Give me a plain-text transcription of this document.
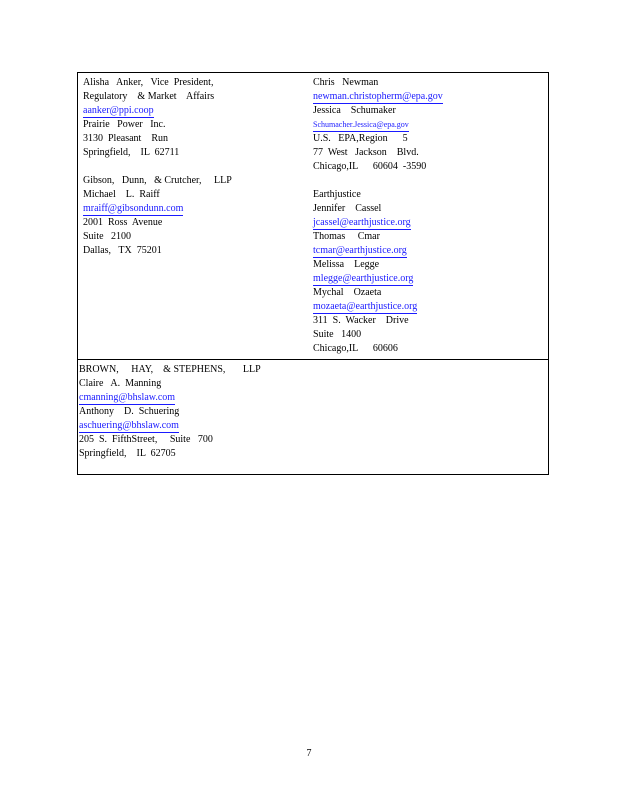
Alisha   Anker,   Vice  President,
Regulatory    & Market    Affairs
aanker@ppi.coop
Prairie   Power   Inc.
3130  Pleasant    Run
Springfield,    IL  62711
Gibson,   Dunn,   & Crutcher,     LLP
Michael    L.  Raiff
mraiff@gibsondunn.com
2001  Ross  Avenue
Suite   2100
Dallas,   TX  75201
Chris   Newman
newman.christopherm@epa.gov
Jessica    Schumaker
Schumacher.Jessica@epa.gov
U.S.   EPA,Region      5
77  West   Jackson    Blvd.
Chicago,IL      60604  -3590
Earthjustice
Jennifer    Cassel
jcassel@earthjustice.org
Thomas     Cmar
tcmar@earthjustice.org
Melissa    Legge
mlegge@earthjustice.org
Mychal    Ozaeta
mozaeta@earthjustice.org
311  S.  Wacker    Drive
Suite   1400
Chicago,IL      60606
BROWN,     HAY,    & STEPHENS,       LLP
Claire   A.  Manning
cmanning@bhslaw.com
Anthony    D.  Schuering
aschuering@bhslaw.com
205  S.  FifthStreet,     Suite   700
Springfield,    IL  62705
7
